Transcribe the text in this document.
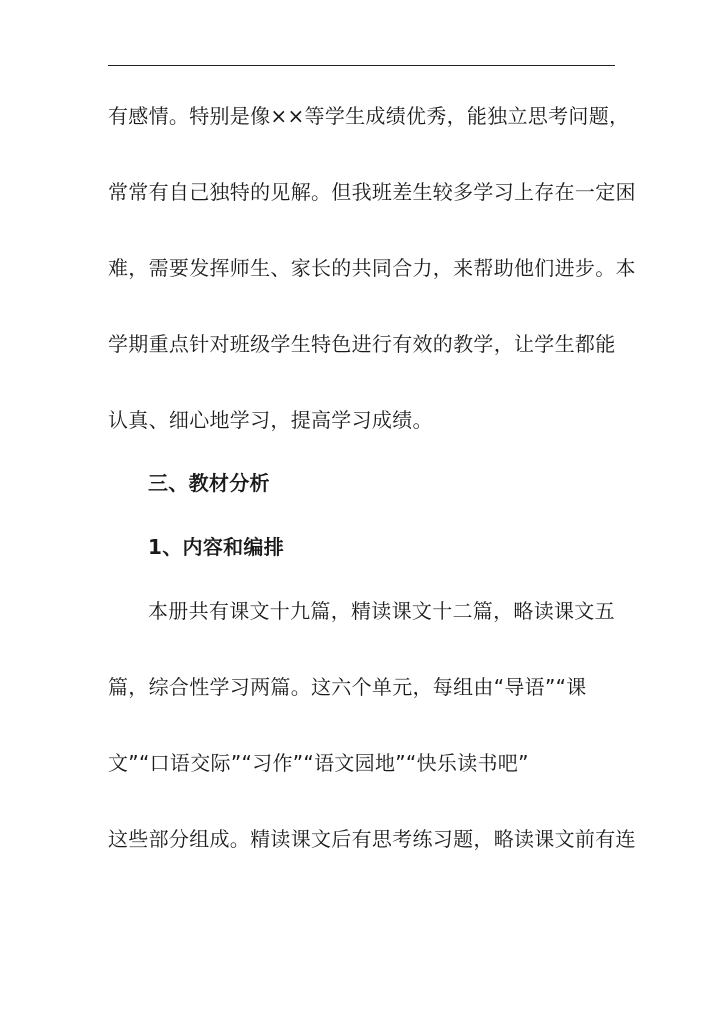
有感情。特别是像××等学生成绩优秀，能独立思考问题，
常常有自己独特的见解。但我班差生较多学习上存在一定困
难，需要发挥师生、家长的共同合力，来帮助他们进步。本
学期重点针对班级学生特色进行有效的教学，让学生都能
认真、细心地学习，提高学习成绩。
三、教材分析
1、内容和编排
本册共有课文十九篇，精读课文十二篇，略读课文五
篇，综合性学习两篇。这六个单元，每组由“导语”“课
文”“口语交际”“习作”“语文园地”“快乐读书吧”
这些部分组成。精读课文后有思考练习题，略读课文前有连
